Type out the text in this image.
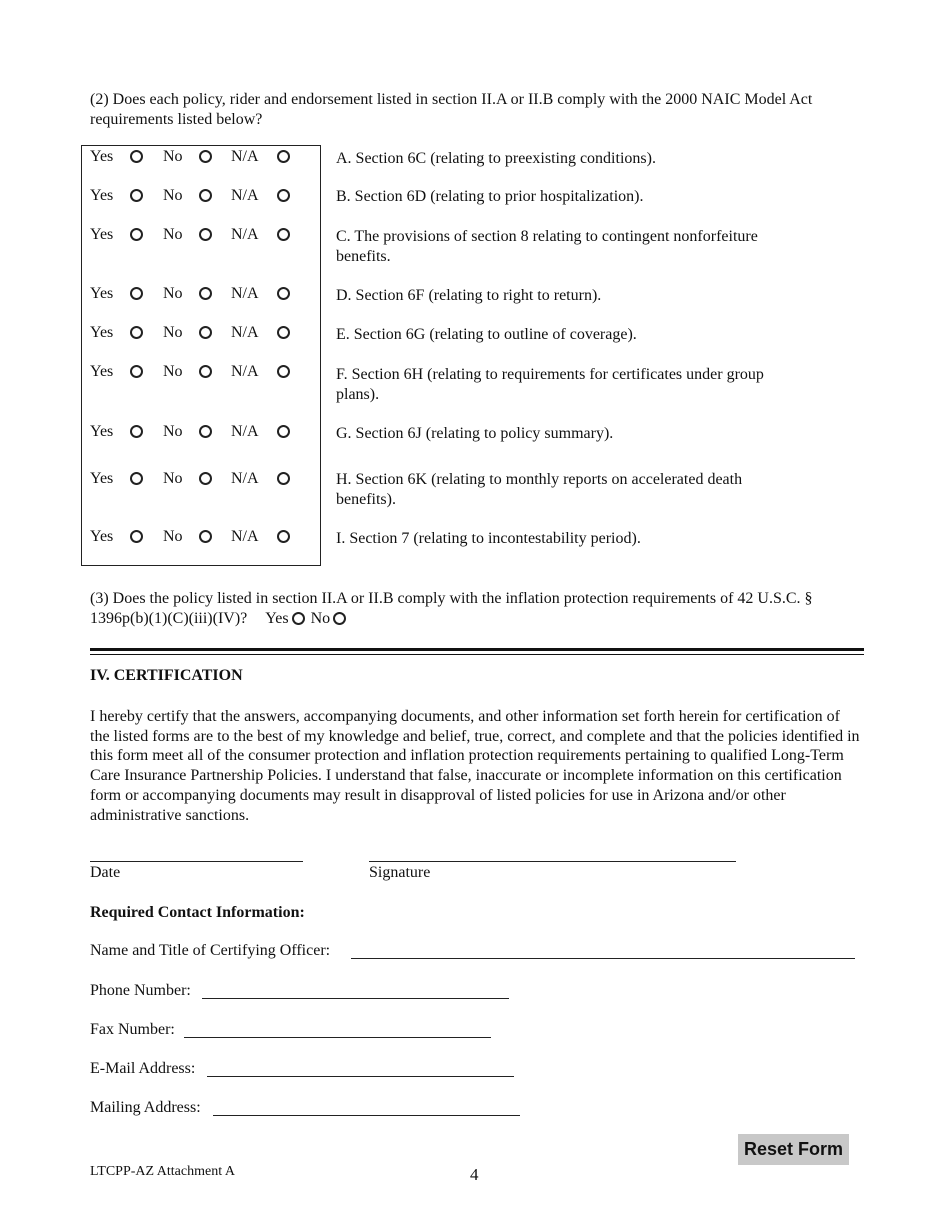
(2) Does each policy, rider and endorsement listed in section II.A or II.B comply with the 2000 NAIC Model Act requirements listed below?
Yes	No	N/A	A. Section 6C (relating to preexisting conditions).
Yes	No	N/A	B. Section 6D (relating to prior hospitalization).
Yes	No	N/A	C. The provisions of section 8 relating to contingent nonforfeiture benefits.
Yes	No	N/A	D. Section 6F (relating to right to return).
Yes	No	N/A	E. Section 6G (relating to outline of coverage).
Yes	No	N/A	F. Section 6H (relating to requirements for certificates under group plans).
Yes	No	N/A	G. Section 6J (relating to policy summary).
Yes	No	N/A	H. Section 6K (relating to monthly reports on accelerated death benefits).
Yes	No	N/A	I. Section 7 (relating to incontestability period).
(3) Does the policy listed in section II.A or II.B comply with the inflation protection requirements of 42 U.S.C. § 1396p(b)(1)(C)(iii)(IV)? Yes No
IV. CERTIFICATION
I hereby certify that the answers, accompanying documents, and other information set forth herein for certification of the listed forms are to the best of my knowledge and belief, true, correct, and complete and that the policies identified in this form meet all of the consumer protection and inflation protection requirements pertaining to qualified Long-Term Care Insurance Partnership Policies. I understand that false, inaccurate or incomplete information on this certification form or accompanying documents may result in disapproval of listed policies for use in Arizona and/or other administrative sanctions.
Date	Signature
Required Contact Information:
Name and Title of Certifying Officer:
Phone Number:
Fax Number:
E-Mail Address:
Mailing Address:
Reset Form
LTCPP-AZ Attachment A	4
